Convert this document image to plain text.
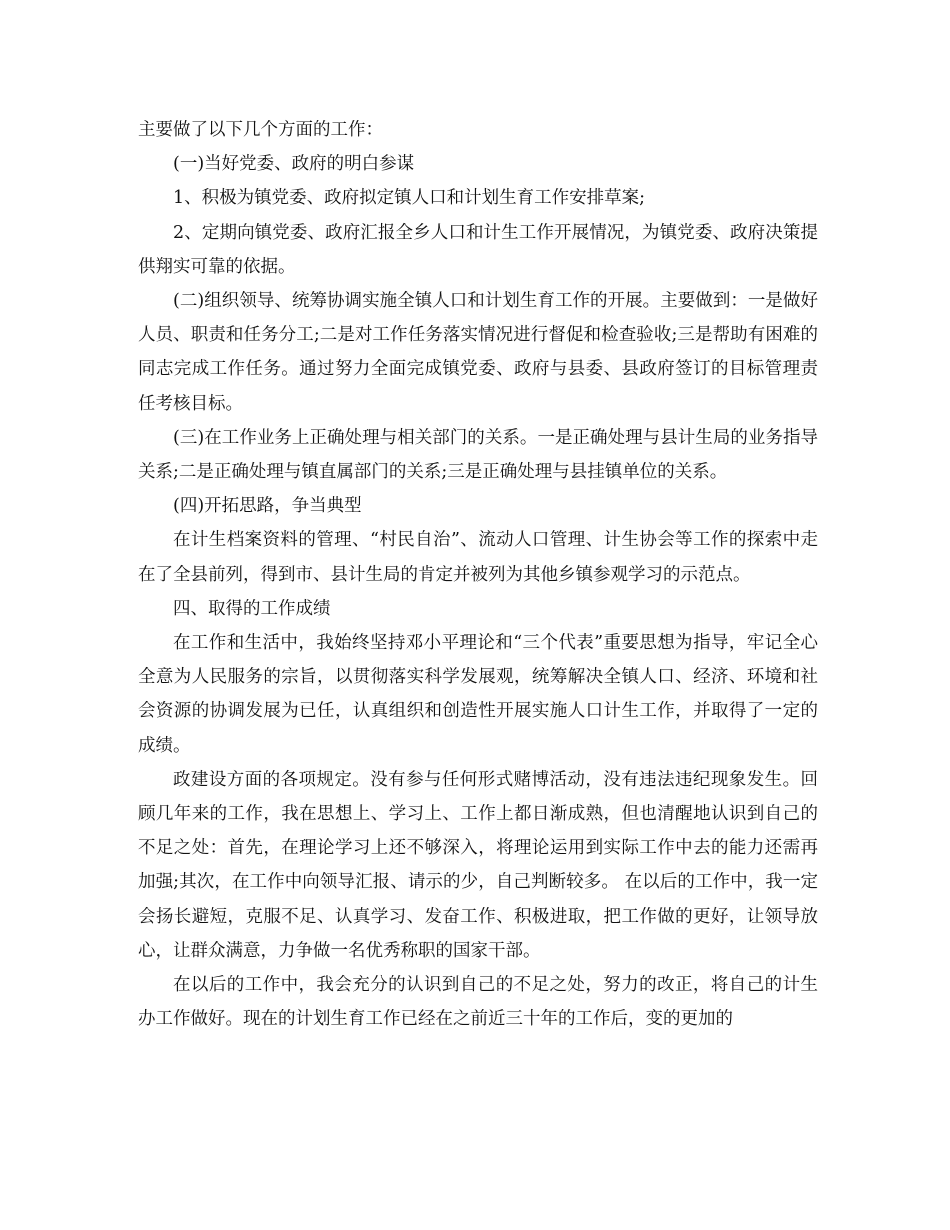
主要做了以下几个方面的工作：

(一)当好党委、政府的明白参谋

1、积极为镇党委、政府拟定镇人口和计划生育工作安排草案;

2、定期向镇党委、政府汇报全乡人口和计生工作开展情况，为镇党委、政府决策提供翔实可靠的依据。

(二)组织领导、统筹协调实施全镇人口和计划生育工作的开展。主要做到：一是做好人员、职责和任务分工;二是对工作任务落实情况进行督促和检查验收;三是帮助有困难的同志完成工作任务。通过努力全面完成镇党委、政府与县委、县政府签订的目标管理责任考核目标。

(三)在工作业务上正确处理与相关部门的关系。一是正确处理与县计生局的业务指导关系;二是正确处理与镇直属部门的关系;三是正确处理与县挂镇单位的关系。

(四)开拓思路，争当典型

在计生档案资料的管理、“村民自治”、流动人口管理、计生协会等工作的探索中走在了全县前列，得到市、县计生局的肯定并被列为其他乡镇参观学习的示范点。

四、取得的工作成绩

在工作和生活中，我始终坚持邓小平理论和“三个代表”重要思想为指导，牢记全心全意为人民服务的宗旨，以贯彻落实科学发展观，统筹解决全镇人口、经济、环境和社会资源的协调发展为已任，认真组织和创造性开展实施人口计生工作，并取得了一定的成绩。

政建设方面的各项规定。没有参与任何形式赌博活动，没有违法违纪现象发生。回顾几年来的工作，我在思想上、学习上、工作上都日渐成熟，但也清醒地认识到自己的不足之处：首先，在理论学习上还不够深入，将理论运用到实际工作中去的能力还需再加强;其次，在工作中向领导汇报、请示的少，自己判断较多。 在以后的工作中，我一定会扬长避短，克服不足、认真学习、发奋工作、积极进取，把工作做的更好，让领导放心，让群众满意，力争做一名优秀称职的国家干部。

在以后的工作中，我会充分的认识到自己的不足之处，努力的改正，将自己的计生办工作做好。现在的计划生育工作已经在之前近三十年的工作后，变的更加的
